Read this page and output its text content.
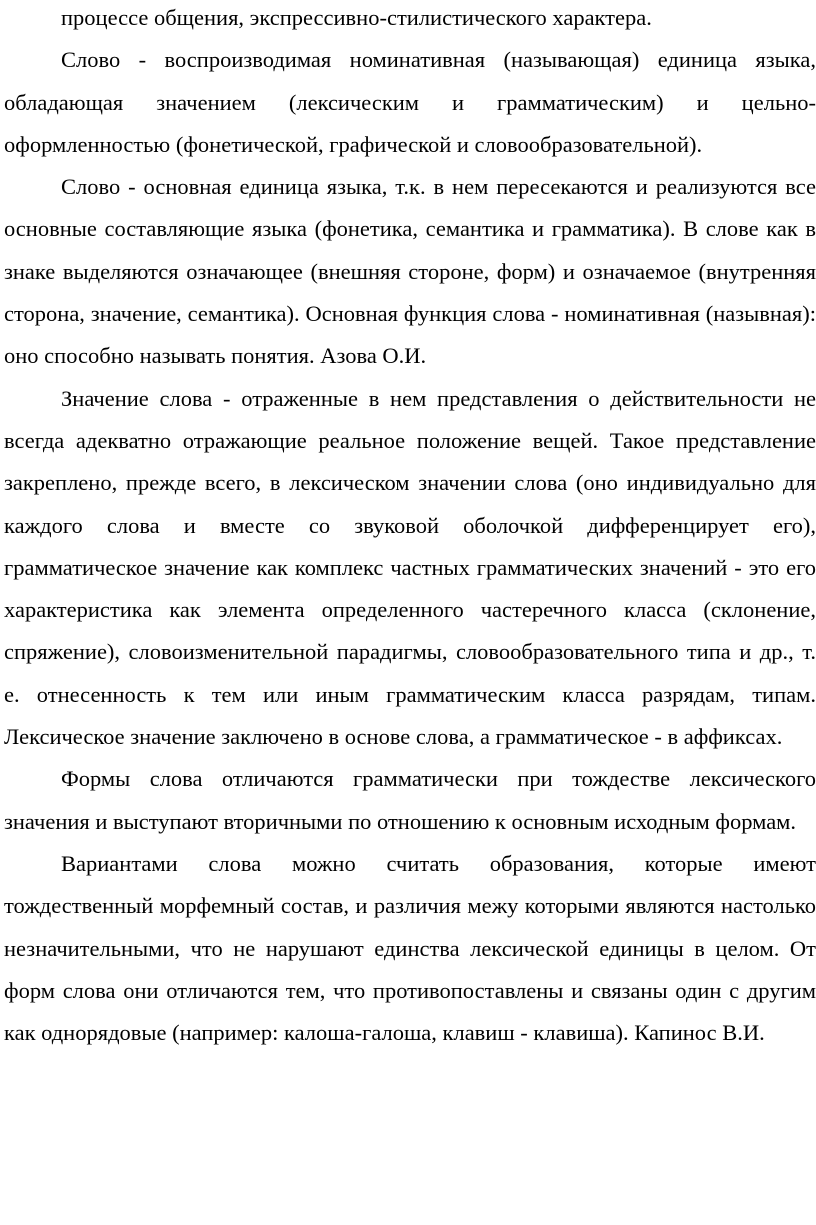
процессе общения, экспрессивно-стилистического характера.

Слово - воспроизводимая номинативная (называющая) единица языка, обладающая значением (лексическим и грамматическим) и цельно-оформленностью (фонетической, графической и словообразовательной).

Слово - основная единица языка, т.к. в нем пересекаются и реализуются все основные составляющие языка (фонетика, семантика и грамматика). В слове как в знаке выделяются означающее (внешняя стороне, форм) и означаемое (внутренняя сторона, значение, семантика). Основная функция слова - номинативная (назывная): оно способно называть понятия. Азова О.И.

Значение слова - отраженные в нем представления о действительности не всегда адекватно отражающие реальное положение вещей. Такое представление закреплено, прежде всего, в лексическом значении слова (оно индивидуально для каждого слова и вместе со звуковой оболочкой дифференцирует его), грамматическое значение как комплекс частных грамматических значений - это его характеристика как элемента определенного частеречного класса (склонение, спряжение), словоизменительной парадигмы, словообразовательного типа и др., т. е. отнесенность к тем или иным грамматическим класса разрядам, типам. Лексическое значение заключено в основе слова, а грамматическое - в аффиксах.

Формы слова отличаются грамматически при тождестве лексического значения и выступают вторичными по отношению к основным исходным формам.

Вариантами слова можно считать образования, которые имеют тождественный морфемный состав, и различия межу которыми являются настолько незначительными, что не нарушают единства лексической единицы в целом. От форм слова они отличаются тем, что противопоставлены и связаны один с другим как однорядовые (например: калоша-галоша, клавиш - клавиша). Капинос В.И.
